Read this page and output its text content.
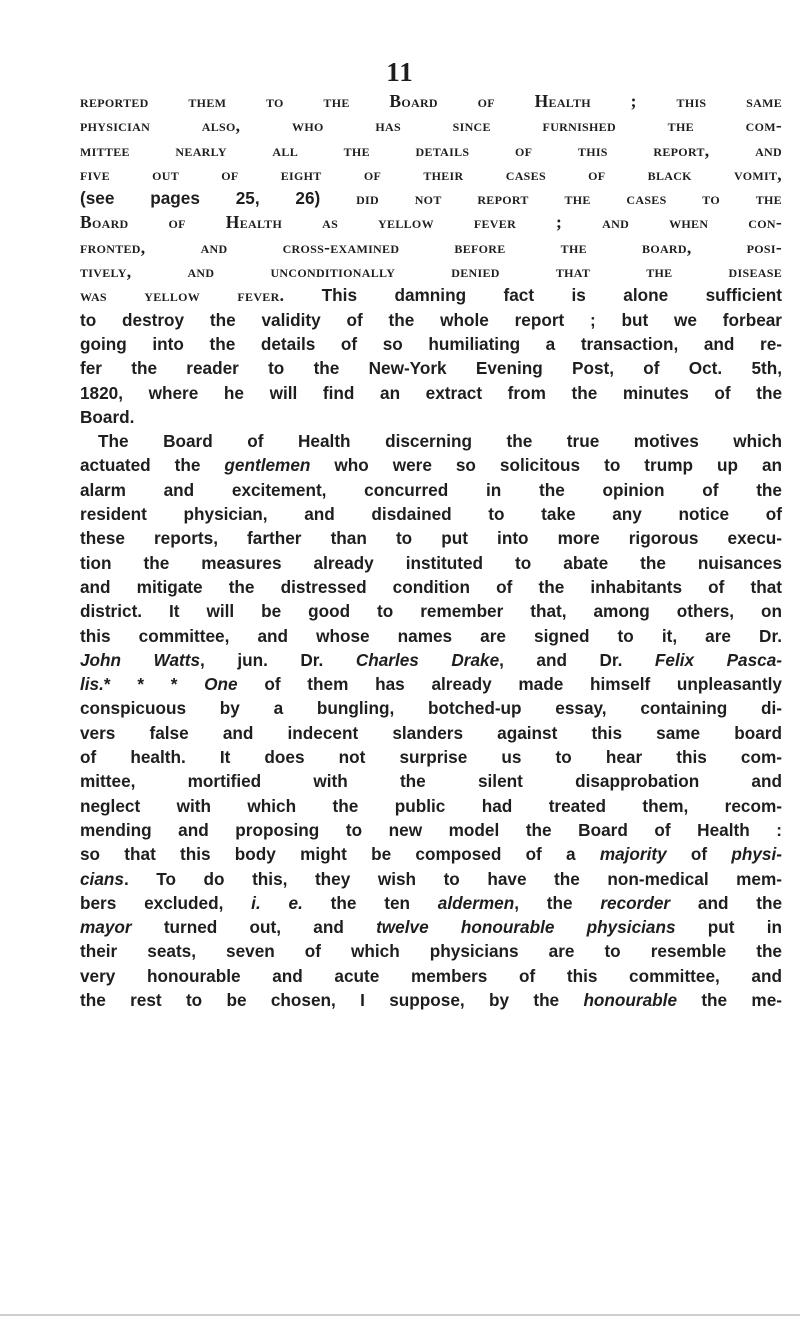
11
reported them to the Board of Health ; this same
physician also, who has since furnished the com-
mittee nearly all the details of this report, and
five out of eight of their cases of black vomit,
(see pages 25, 26) did not report the cases to the
Board of Health as yellow fever ; and when con-
fronted, and cross-examined before the board, posi-
tively, and unconditionally denied that the disease
was yellow fever. This damning fact is alone sufficient
to destroy the validity of the whole report ; but we forbear
going into the details of so humiliating a transaction, and re-
fer the reader to the New-York Evening Post, of Oct. 5th,
1820, where he will find an extract from the minutes of the
Board.
The Board of Health discerning the true motives which
actuated the gentlemen who were so solicitous to trump up an
alarm and excitement, concurred in the opinion of the
resident physician, and disdained to take any notice of
these reports, farther than to put into more rigorous execu-
tion the measures already instituted to abate the nuisances
and mitigate the distressed condition of the inhabitants of that
district. It will be good to remember that, among others, on
this committee, and whose names are signed to it, are Dr.
John Watts, jun. Dr. Charles Drake, and Dr. Felix Pasca-
lis.* * * One of them has already made himself unpleasantly
conspicuous by a bungling, botched-up essay, containing di-
vers false and indecent slanders against this same board
of health. It does not surprise us to hear this com-
mittee, mortified with the silent disapprobation and
neglect with which the public had treated them, recom-
mending and proposing to new model the Board of Health :
so that this body might be composed of a majority of physi-
cians. To do this, they wish to have the non-medical mem-
bers excluded, i. e. the ten aldermen, the recorder and the
mayor turned out, and twelve honourable physicians put in
their seats, seven of which physicians are to resemble the
very honourable and acute members of this committee, and
the rest to be chosen, I suppose, by the honourable the me-
